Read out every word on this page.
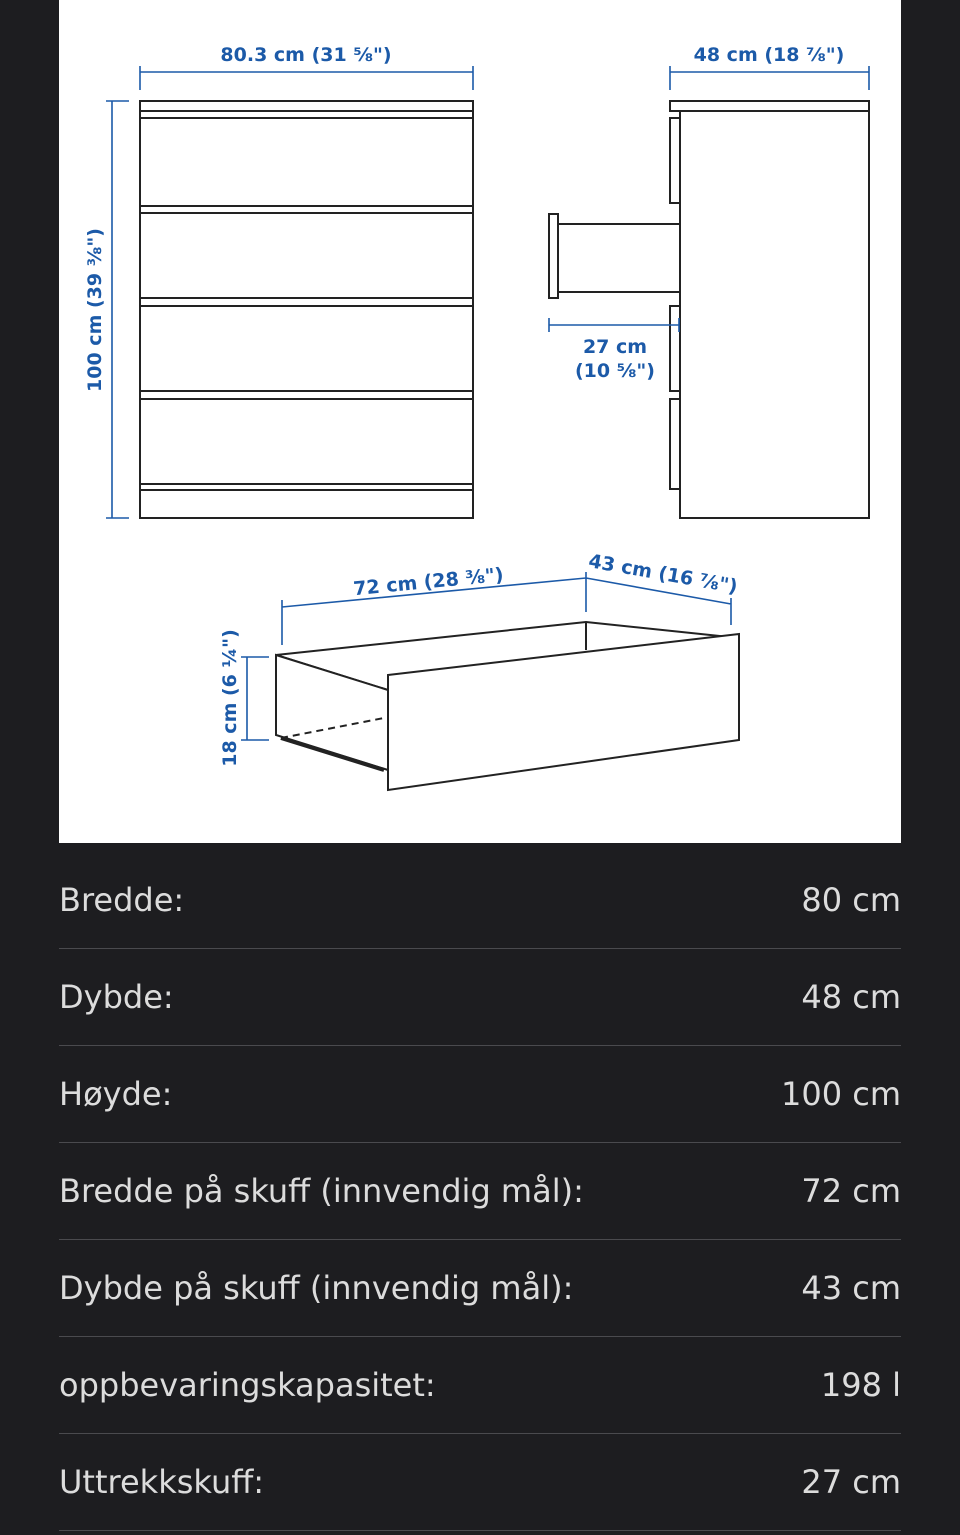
80.3 cm (31 ⅝")
100 cm (39 ⅜")
48 cm (18 ⅞")
27 cm
(10 ⅝")
72 cm (28 ⅜")	43 cm (16 ⅞")
18 cm (6 ¼")
Bredde:	80 cm
Dybde:	48 cm
Høyde:	100 cm
Bredde på skuff (innvendig mål):	72 cm
Dybde på skuff (innvendig mål):	43 cm
oppbevaringskapasitet:	198 l
Uttrekkskuff:	27 cm
